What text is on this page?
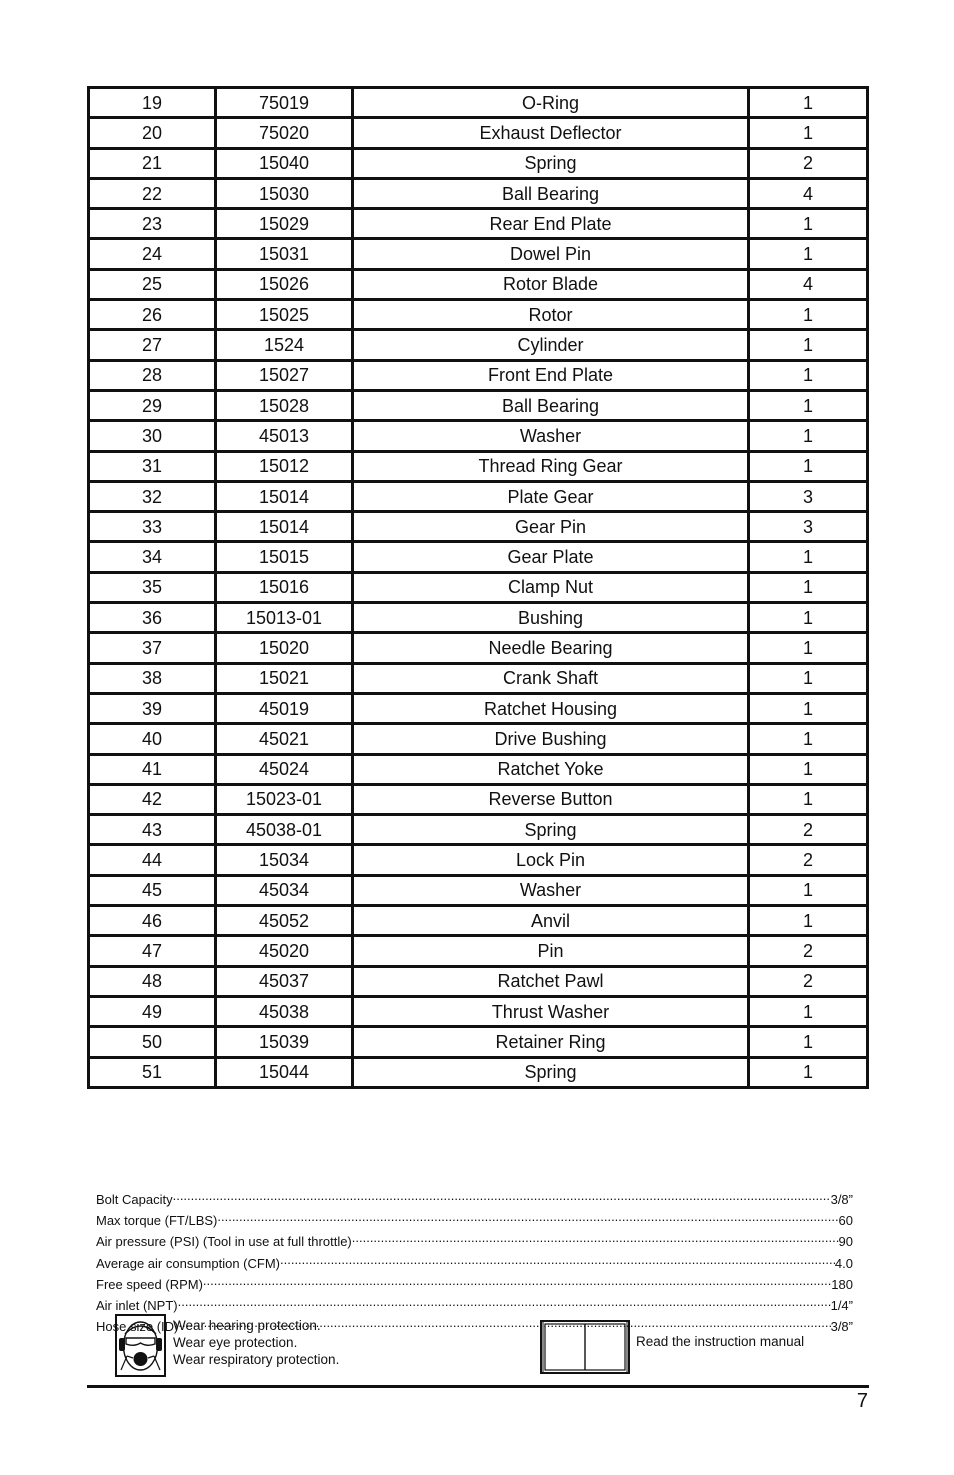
19	75019	O-Ring	1
20	75020	Exhaust Deflector	1
21	15040	Spring	2
22	15030	Ball Bearing	4
23	15029	Rear End Plate	1
24	15031	Dowel Pin	1
25	15026	Rotor Blade	4
26	15025	Rotor	1
27	1524	Cylinder	1
28	15027	Front End Plate	1
29	15028	Ball Bearing	1
30	45013	Washer	1
31	15012	Thread Ring Gear	1
32	15014	Plate Gear	3
33	15014	Gear Pin	3
34	15015	Gear Plate	1
35	15016	Clamp Nut	1
36	15013-01	Bushing	1
37	15020	Needle Bearing	1
38	15021	Crank Shaft	1
39	45019	Ratchet Housing	1
40	45021	Drive Bushing	1
41	45024	Ratchet Yoke	1
42	15023-01	Reverse Button	1
43	45038-01	Spring	2
44	15034	Lock Pin	2
45	45034	Washer	1
46	45052	Anvil	1
47	45020	Pin	2
48	45037	Ratchet Pawl	2
49	45038	Thrust Washer	1
50	15039	Retainer Ring	1
51	15044	Spring	1
Bolt Capacity .....	3/8”
Max torque (FT/LBS) .....	60
Air pressure (PSI) (Tool in use at full throttle) .....	90
Average air consumption (CFM) .....	4.0
Free speed (RPM) .....	180
Air inlet (NPT) .....	1/4”
Hose size (ID) .....	3/8”
Wear hearing protection.
Wear eye protection.
Wear respiratory protection.
Read the instruction manual
7
